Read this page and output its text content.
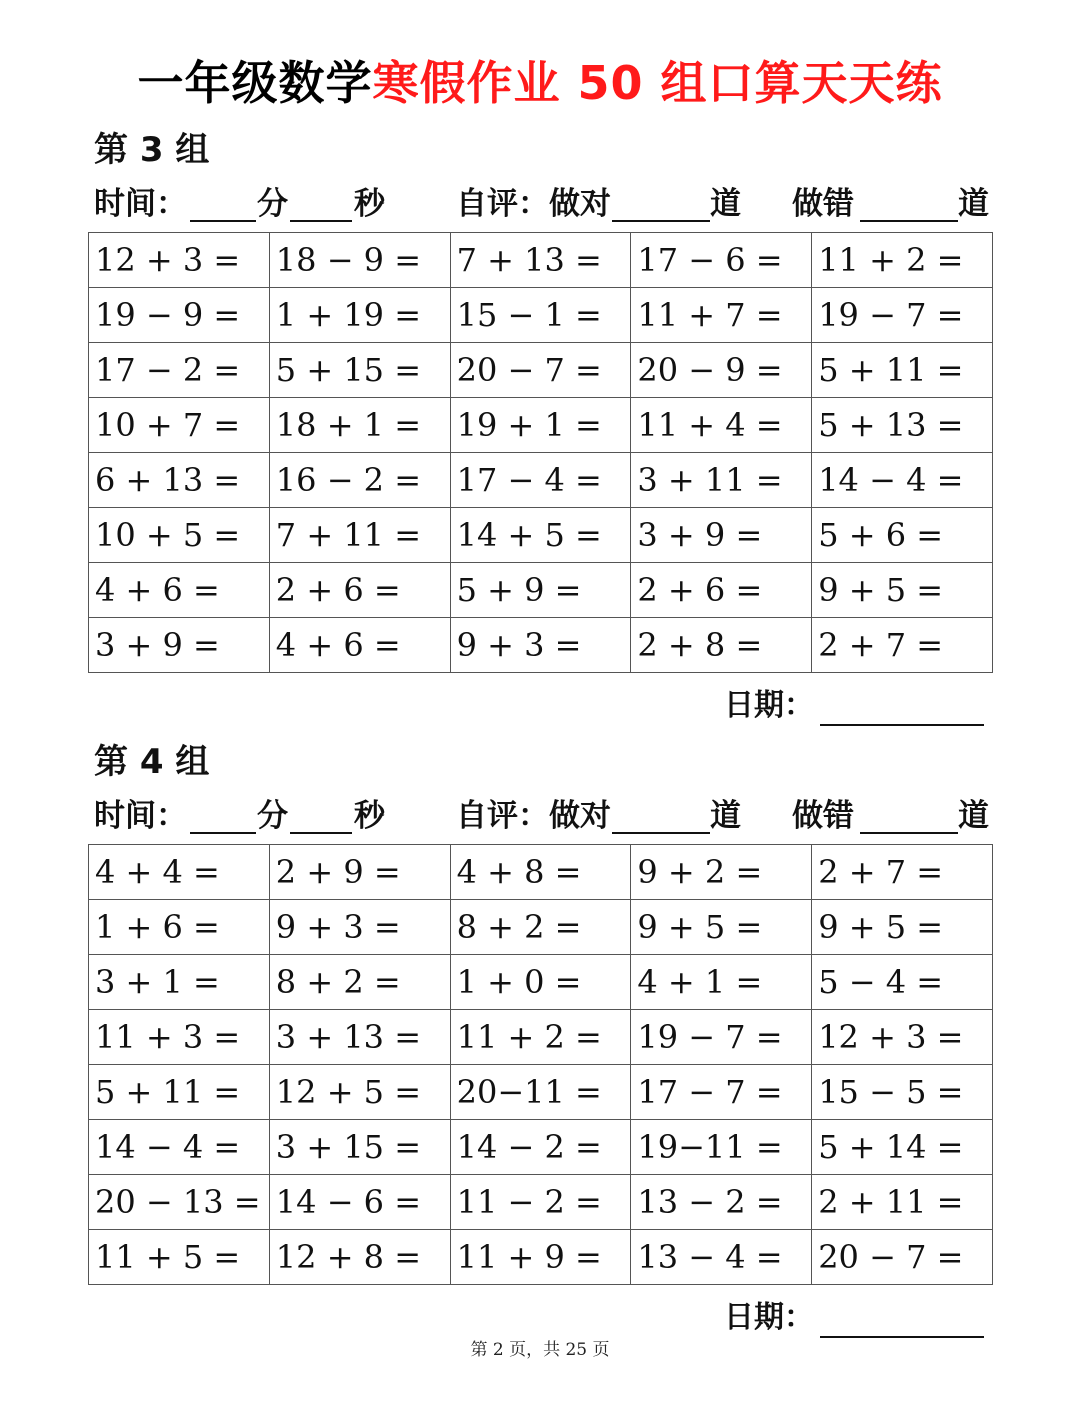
一年级数学寒假作业 50 组口算天天练
第 3 组
时间： 分 秒 自评：做对	道 做错	道
12 + 3 =	18 − 9 =	7 + 13 =	17 − 6 =	11 + 2 =
19 − 9 =	1 + 19 =	15 − 1 =	11 + 7 =	19 − 7 =
17 − 2 =	5 + 15 =	20 − 7 =	20 − 9 =	5 + 11 =
10 + 7 =	18 + 1 =	19 + 1 =	11 + 4 =	5 + 13 =
6 + 13 =	16 − 2 =	17 − 4 =	3 + 11 =	14 − 4 =
10 + 5 =	7 + 11 =	14 + 5 =	3 + 9 =	5 + 6 =
4 + 6 =	2 + 6 =	5 + 9 =	2 + 6 =	9 + 5 =
3 + 9 =	4 + 6 =	9 + 3 =	2 + 8 =	2 + 7 =
日期：
第 4 组
时间： 分 秒 自评：做对	道 做错	道
4 + 4 =	2 + 9 =	4 + 8 =	9 + 2 =	2 + 7 =
1 + 6 =	9 + 3 =	8 + 2 =	9 + 5 =	9 + 5 =
3 + 1 =	8 + 2 =	1 + 0 =	4 + 1 =	5 − 4 =
11 + 3 =	3 + 13 =	11 + 2 =	19 − 7 =	12 + 3 =
5 + 11 =	12 + 5 =	20−11 =	17 − 7 =	15 − 5 =
14 − 4 =	3 + 15 =	14 − 2 =	19−11 =	5 + 14 =
20 − 13 =	14 − 6 =	11 − 2 =	13 − 2 =	2 + 11 =
11 + 5 =	12 + 8 =	11 + 9 =	13 − 4 =	20 − 7 =
日期：
第 2 页，共 25 页
